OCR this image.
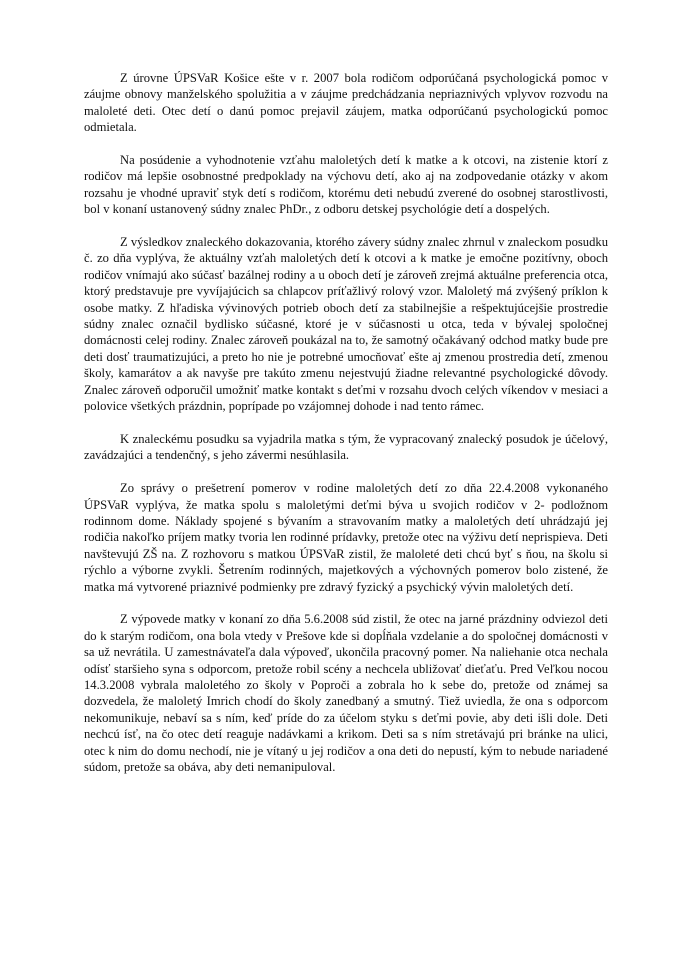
Z úrovne ÚPSVaR Košice ešte v r. 2007 bola rodičom odporúčaná psychologická pomoc v záujme obnovy manželského spolužitia a v záujme predchádzania nepriaznivých vplyvov rozvodu na maloleté deti. Otec detí o danú pomoc prejavil záujem, matka odporúčanú psychologickú pomoc odmietala.

Na posúdenie a vyhodnotenie vzťahu maloletých detí k matke a k otcovi, na zistenie ktorí z rodičov má lepšie osobnostné predpoklady na výchovu detí, ako aj na zodpovedanie otázky v akom rozsahu je vhodné upraviť styk detí s rodičom, ktorému deti nebudú zverené do osobnej starostlivosti, bol v konaní ustanovený súdny znalec PhDr., z odboru detskej psychológie detí a dospelých.

Z výsledkov znaleckého dokazovania, ktorého závery súdny znalec zhrnul v znaleckom posudku č. zo dňa vyplýva, že aktuálny vzťah maloletých detí k otcovi a k matke je emočne pozitívny, oboch rodičov vnímajú ako súčasť bazálnej rodiny a u oboch detí je zároveň zrejmá aktuálne preferencia otca, ktorý predstavuje pre vyvíjajúcich sa chlapcov príťažlivý rolový vzor. Maloletý má zvýšený príklon k osobe matky. Z hľadiska vývinových potrieb oboch detí za stabilnejšie a rešpektujúcejšie prostredie súdny znalec označil bydlisko súčasné, ktoré je v súčasnosti u otca, teda v bývalej spoločnej domácnosti celej rodiny. Znalec zároveň poukázal na to, že samotný očakávaný odchod matky bude pre deti dosť traumatizujúci, a preto ho nie je potrebné umocňovať ešte aj zmenou prostredia detí, zmenou školy, kamarátov a ak navyše pre takúto zmenu nejestvujú žiadne relevantné psychologické dôvody. Znalec zároveň odporučil umožniť matke kontakt s deťmi v rozsahu dvoch celých víkendov v mesiaci a polovice všetkých prázdnin, poprípade po vzájomnej dohode i nad tento rámec.

K znaleckému posudku sa vyjadrila matka s tým, že vypracovaný znalecký posudok je účelový, zavádzajúci a tendenčný, s jeho závermi nesúhlasila.

Zo správy o prešetrení pomerov v rodine maloletých detí zo dňa 22.4.2008 vykonaného ÚPSVaR vyplýva, že matka spolu s maloletými deťmi býva u svojich rodičov v 2- podložnom rodinnom dome. Náklady spojené s bývaním a stravovaním matky a maloletých detí uhrádzajú jej rodičia nakoľko príjem matky tvoria len rodinné prídavky, pretože otec na výživu detí neprispieva. Deti navštevujú ZŠ na. Z rozhovoru s matkou ÚPSVaR zistil, že maloleté deti chcú byť s ňou, na školu si rýchlo a výborne zvykli. Šetrením rodinných, majetkových a výchovných pomerov bolo zistené, že matka má vytvorené priaznivé podmienky pre zdravý fyzický a psychický vývin maloletých detí.

Z výpovede matky v konaní zo dňa 5.6.2008 súd zistil, že otec na jarné prázdniny odviezol deti do k starým rodičom, ona bola vtedy v Prešove kde si dopĺňala vzdelanie a do spoločnej domácnosti v sa už nevrátila. U zamestnávateľa dala výpoveď, ukončila pracovný pomer. Na naliehanie otca nechala odísť staršieho syna s odporcom, pretože robil scény a nechcela ubližovať dieťaťu. Pred Veľkou nocou 14.3.2008 vybrala maloletého zo školy v Poproči a zobrala ho k sebe do, pretože od známej sa dozvedela, že maloletý Imrich chodí do školy zanedbaný a smutný. Tiež uviedla, že ona s odporcom nekomunikuje, nebaví sa s ním, keď príde do za účelom styku s deťmi povie, aby deti išli dole. Deti nechcú ísť, na čo otec detí reaguje nadávkami a krikom. Deti sa s ním stretávajú pri bránke na ulici, otec k nim do domu nechodí, nie je vítaný u jej rodičov a ona deti do nepustí, kým to nebude nariadené súdom, pretože sa obáva, aby deti nemanipuloval.
